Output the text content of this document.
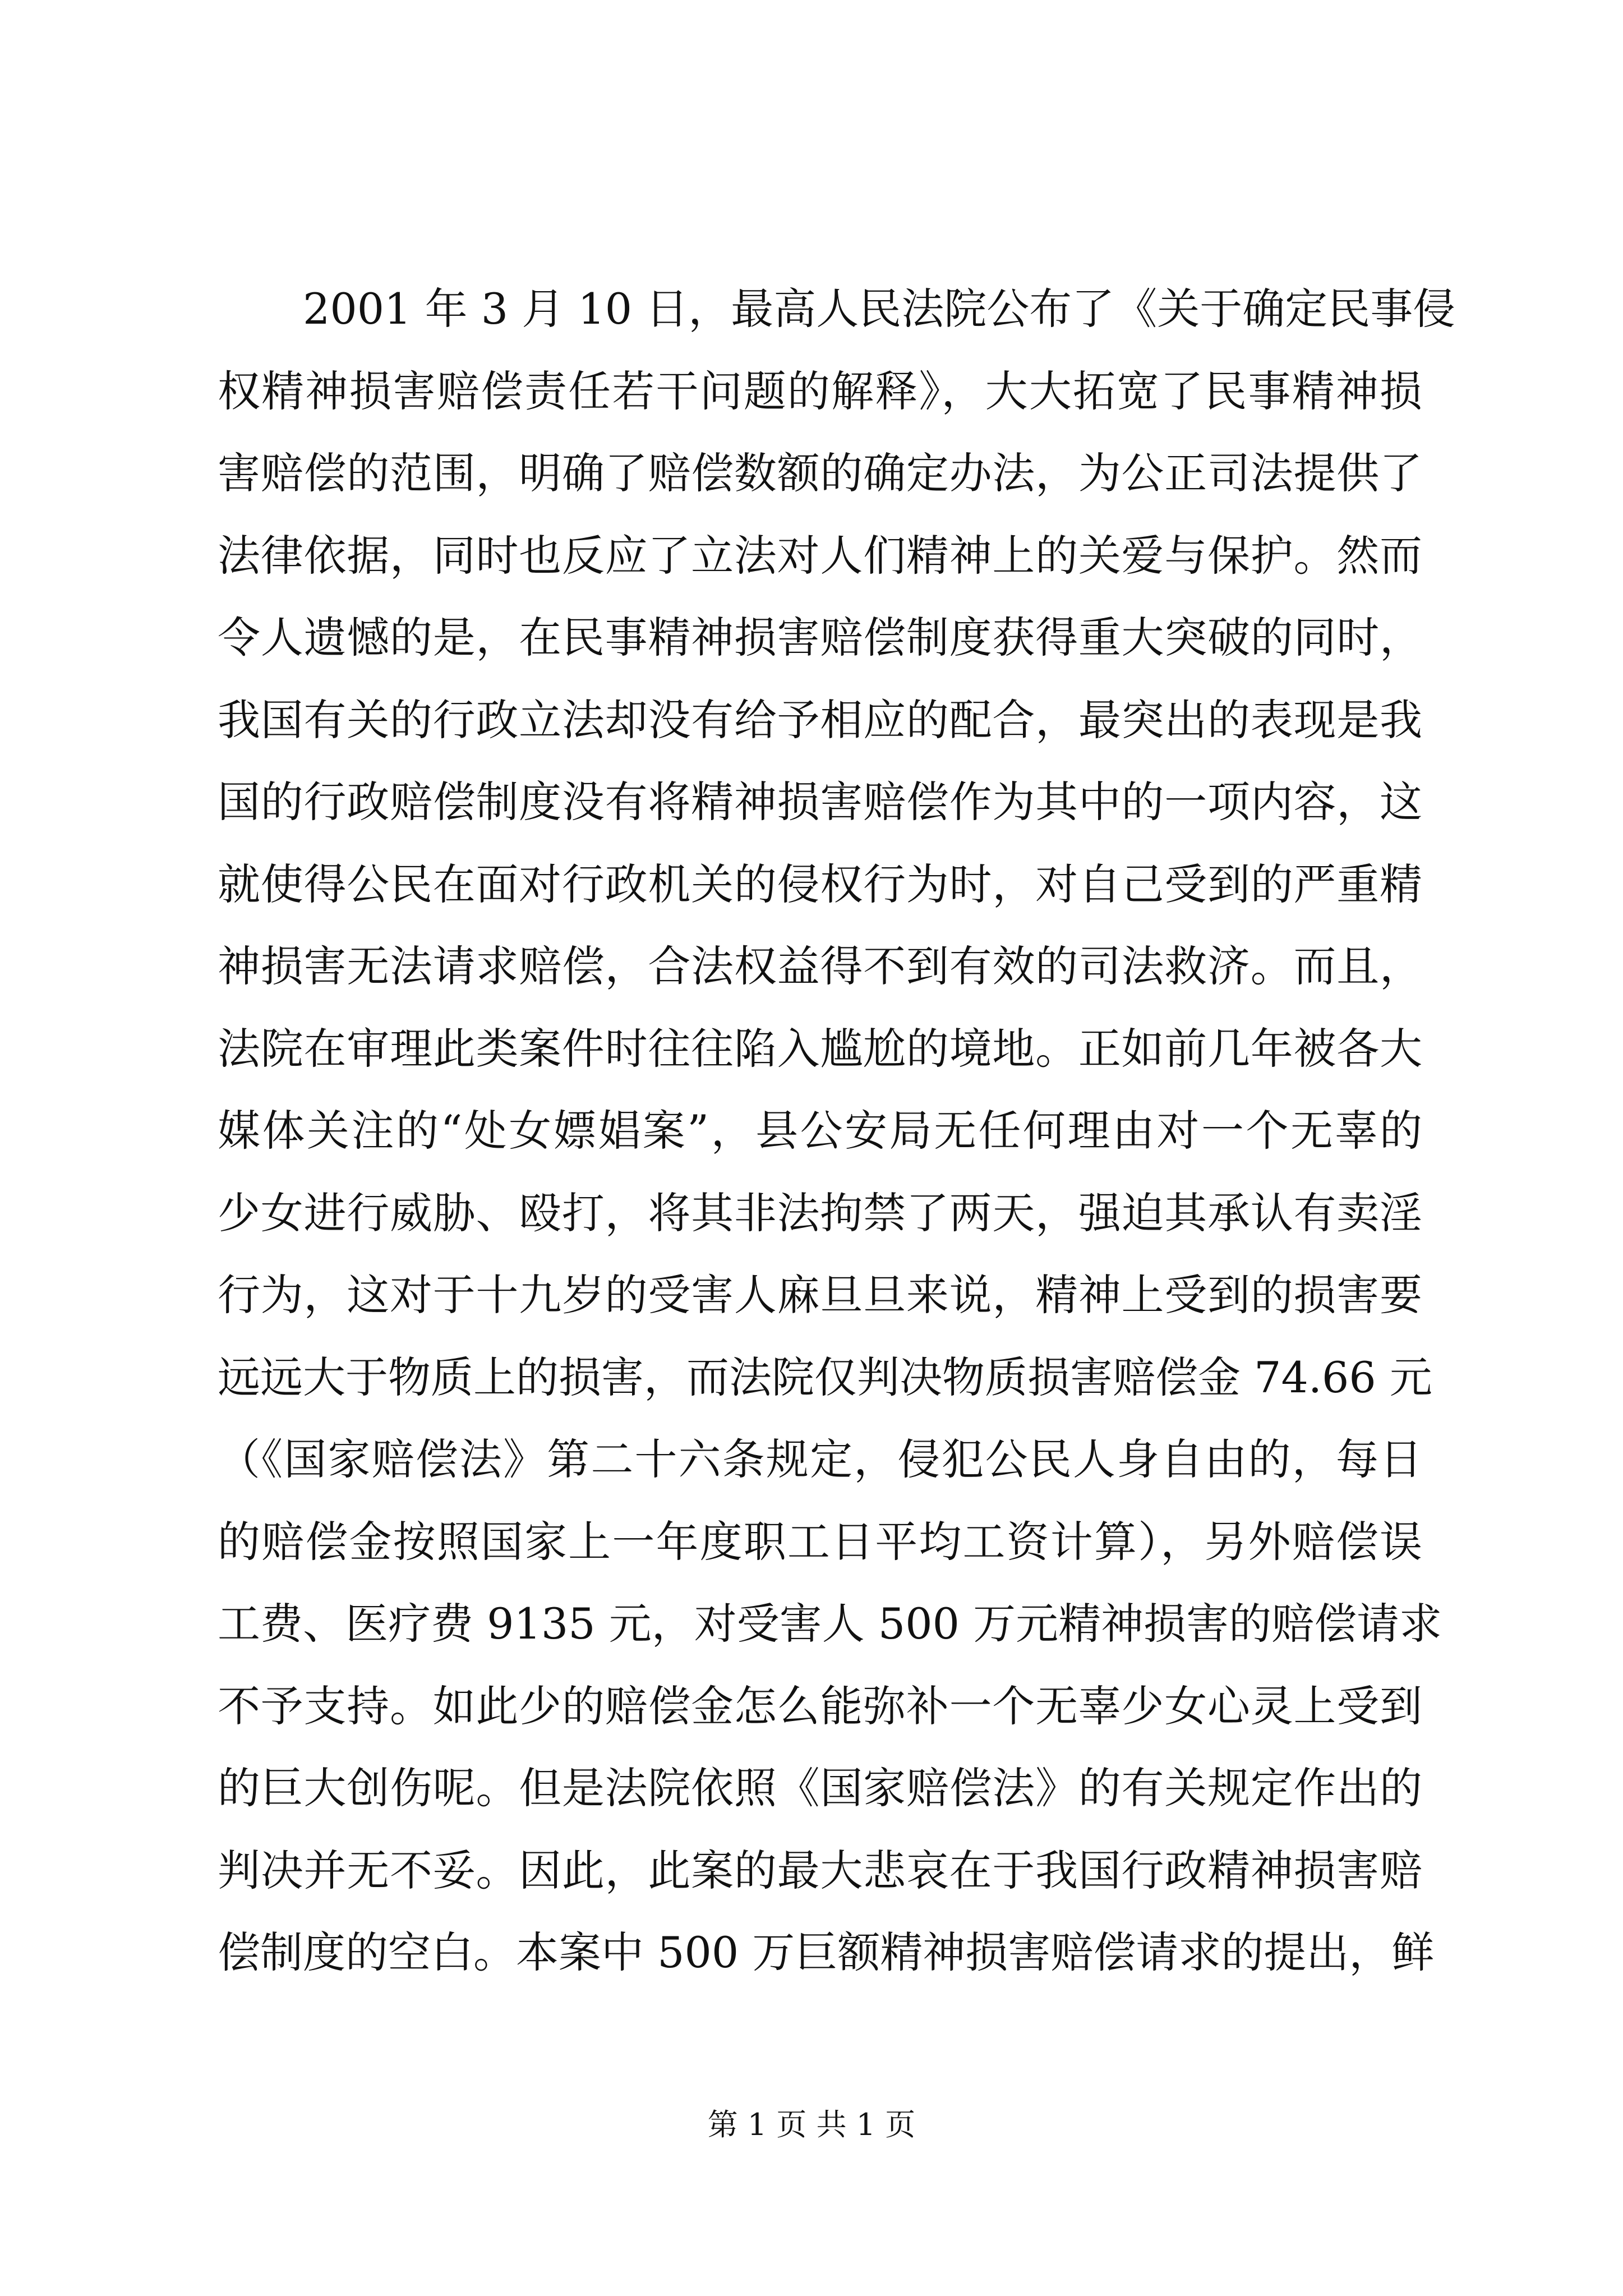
2001 年 3 月 10 日，最高人民法院公布了《关于确定民事侵
权精神损害赔偿责任若干问题的解释》，大大拓宽了民事精神损
害赔偿的范围，明确了赔偿数额的确定办法，为公正司法提供了
法律依据，同时也反应了立法对人们精神上的关爱与保护。然而
令人遗憾的是，在民事精神损害赔偿制度获得重大突破的同时，
我国有关的行政立法却没有给予相应的配合，最突出的表现是我
国的行政赔偿制度没有将精神损害赔偿作为其中的一项内容，这
就使得公民在面对行政机关的侵权行为时，对自己受到的严重精
神损害无法请求赔偿，合法权益得不到有效的司法救济。而且，
法院在审理此类案件时往往陷入尴尬的境地。正如前几年被各大
媒体关注的“处女嫖娼案”，县公安局无任何理由对一个无辜的
少女进行威胁、殴打，将其非法拘禁了两天，强迫其承认有卖淫
行为，这对于十九岁的受害人麻旦旦来说，精神上受到的损害要
远远大于物质上的损害，而法院仅判决物质损害赔偿金 74.66 元
（《国家赔偿法》第二十六条规定，侵犯公民人身自由的，每日
的赔偿金按照国家上一年度职工日平均工资计算），另外赔偿误
工费、医疗费 9135 元，对受害人 500 万元精神损害的赔偿请求
不予支持。如此少的赔偿金怎么能弥补一个无辜少女心灵上受到
的巨大创伤呢。但是法院依照《国家赔偿法》的有关规定作出的
判决并无不妥。因此，此案的最大悲哀在于我国行政精神损害赔
偿制度的空白。本案中 500 万巨额精神损害赔偿请求的提出，鲜
第 1 页 共 1 页
